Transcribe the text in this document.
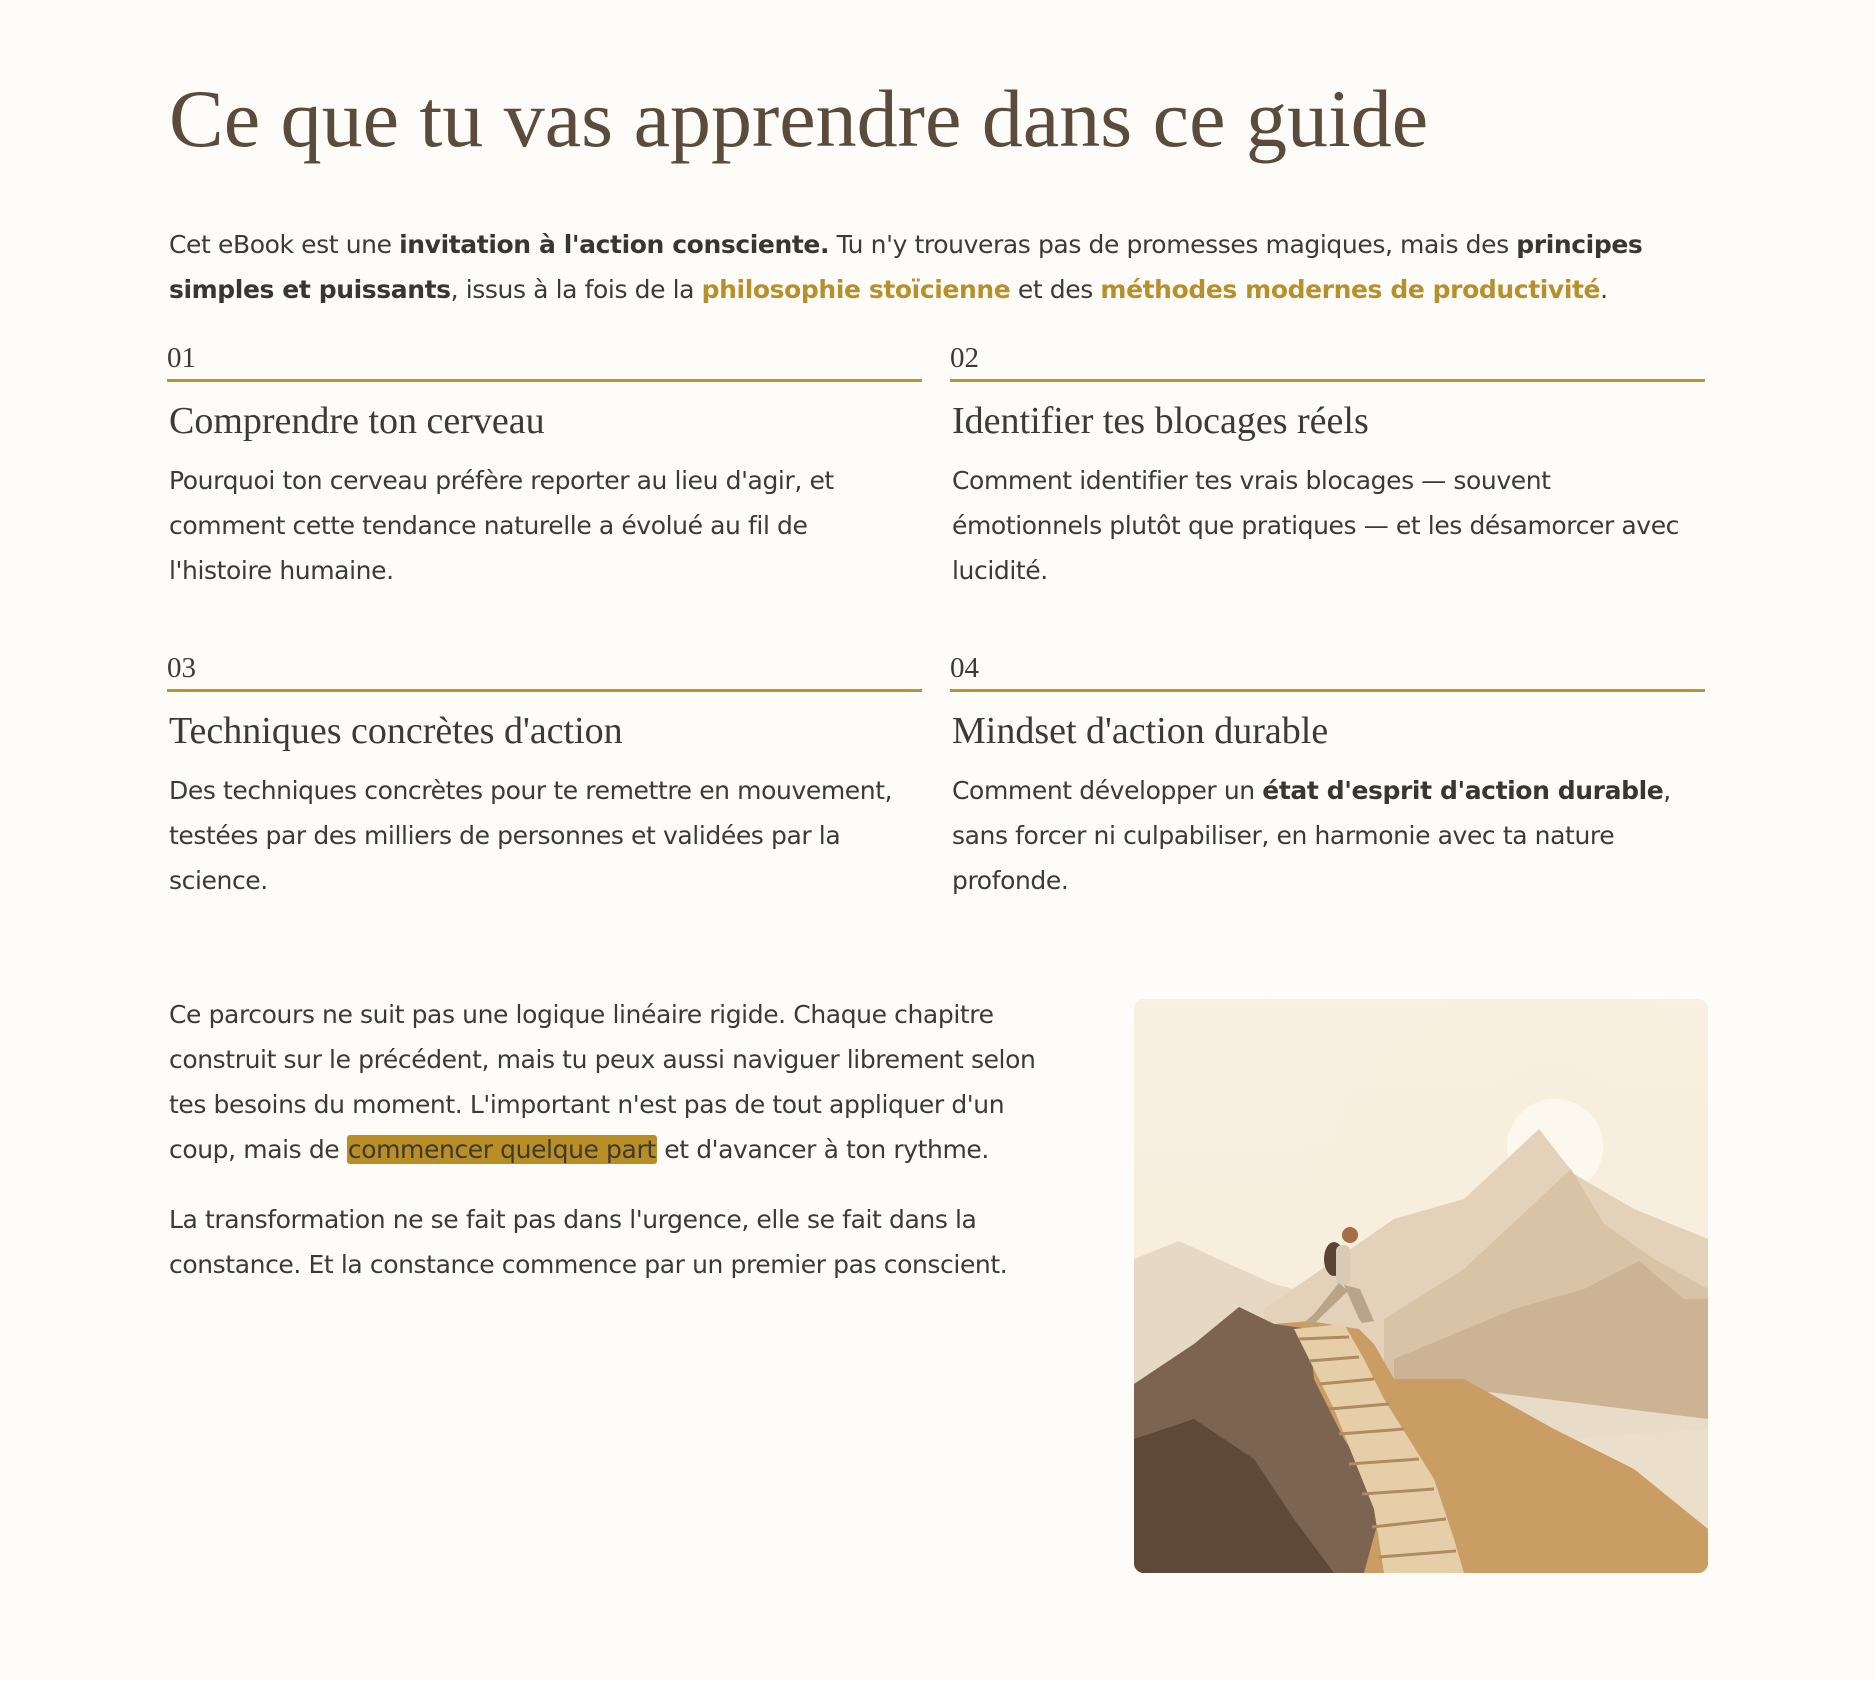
Ce que tu vas apprendre dans ce guide

Cet eBook est une invitation à l'action consciente. Tu n'y trouveras pas de promesses magiques, mais des principes simples et puissants, issus à la fois de la philosophie stoïcienne et des méthodes modernes de productivité.

01
Comprendre ton cerveau

Pourquoi ton cerveau préfère reporter au lieu d'agir, et comment cette tendance naturelle a évolué au fil de l'histoire humaine.

02
Identifier tes blocages réels

Comment identifier tes vrais blocages — souvent émotionnels plutôt que pratiques — et les désamorcer avec lucidité.

03
Techniques concrètes d'action

Des techniques concrètes pour te remettre en mouvement, testées par des milliers de personnes et validées par la science.

04
Mindset d'action durable

Comment développer un état d'esprit d'action durable, sans forcer ni culpabiliser, en harmonie avec ta nature profonde.

Ce parcours ne suit pas une logique linéaire rigide. Chaque chapitre construit sur le précédent, mais tu peux aussi naviguer librement selon tes besoins du moment. L'important n'est pas de tout appliquer d'un coup, mais de commencer quelque part et d'avancer à ton rythme.

La transformation ne se fait pas dans l'urgence, elle se fait dans la constance. Et la constance commence par un premier pas conscient.
